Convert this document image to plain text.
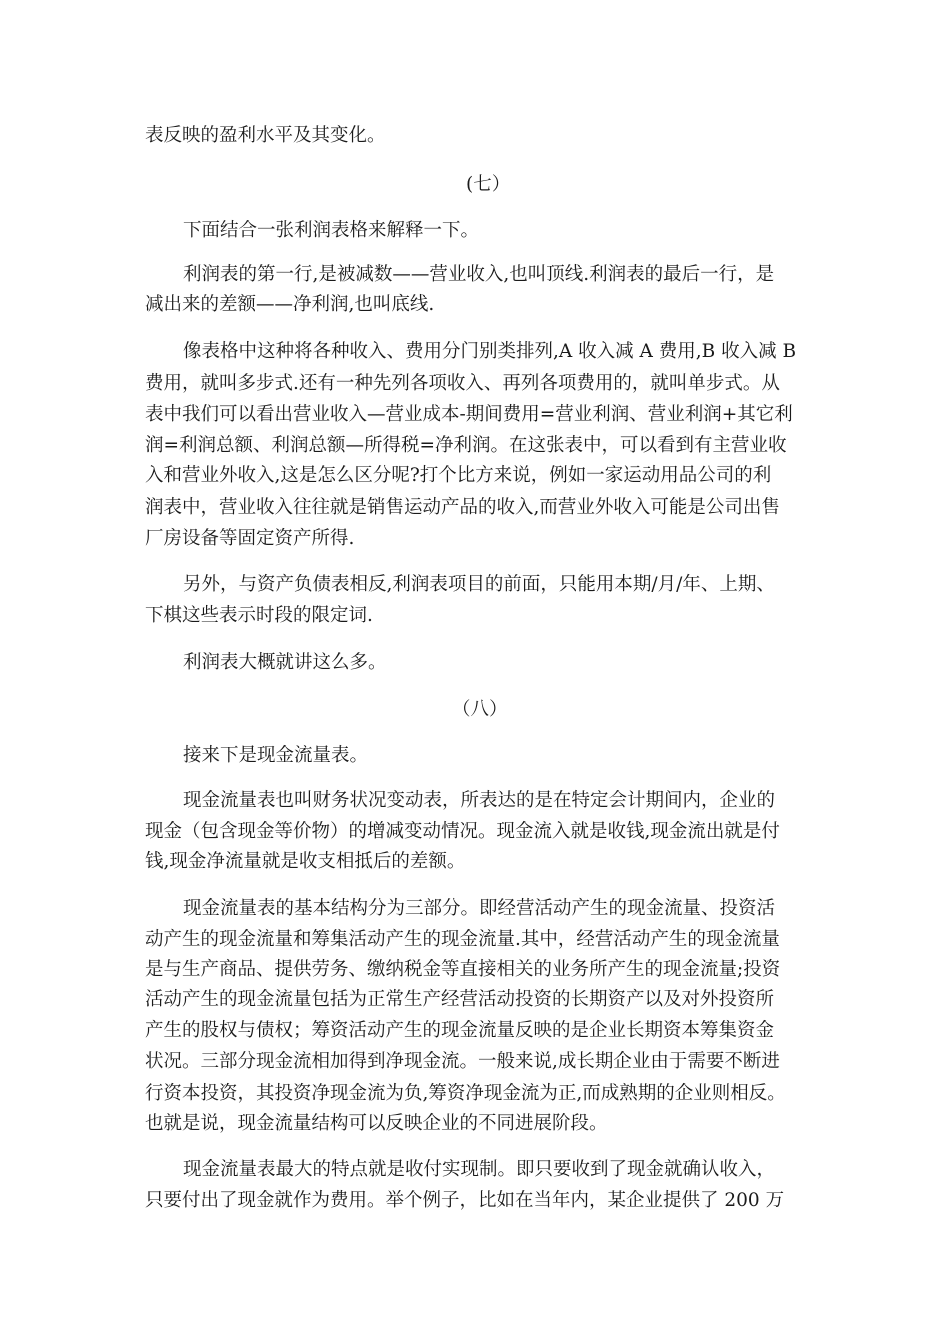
表反映的盈利水平及其变化。
(七）
下面结合一张利润表格来解释一下。
利润表的第一行,是被减数——营业收入,也叫顶线.利润表的最后一行，是
减出来的差额——净利润,也叫底线.
像表格中这种将各种收入、费用分门别类排列,A 收入减 A 费用,B 收入减 B
费用，就叫多步式.还有一种先列各项收入、再列各项费用的，就叫单步式。从
表中我们可以看出营业收入—营业成本-期间费用=营业利润、营业利润+其它利
润=利润总额、利润总额—所得税=净利润。在这张表中，可以看到有主营业收
入和营业外收入,这是怎么区分呢?打个比方来说，例如一家运动用品公司的利
润表中，营业收入往往就是销售运动产品的收入,而营业外收入可能是公司出售
厂房设备等固定资产所得.
另外，与资产负债表相反,利润表项目的前面，只能用本期/月/年、上期、
下棋这些表示时段的限定词.
利润表大概就讲这么多。
（八）
接来下是现金流量表。
现金流量表也叫财务状况变动表，所表达的是在特定会计期间内，企业的
现金（包含现金等价物）的增减变动情况。现金流入就是收钱,现金流出就是付
钱,现金净流量就是收支相抵后的差额。
现金流量表的基本结构分为三部分。即经营活动产生的现金流量、投资活
动产生的现金流量和筹集活动产生的现金流量.其中，经营活动产生的现金流量
是与生产商品、提供劳务、缴纳税金等直接相关的业务所产生的现金流量;投资
活动产生的现金流量包括为正常生产经营活动投资的长期资产以及对外投资所
产生的股权与债权；筹资活动产生的现金流量反映的是企业长期资本筹集资金
状况。三部分现金流相加得到净现金流。一般来说,成长期企业由于需要不断进
行资本投资，其投资净现金流为负,筹资净现金流为正,而成熟期的企业则相反。
也就是说，现金流量结构可以反映企业的不同进展阶段。
现金流量表最大的特点就是收付实现制。即只要收到了现金就确认收入，
只要付出了现金就作为费用。举个例子，比如在当年内，某企业提供了 200 万
